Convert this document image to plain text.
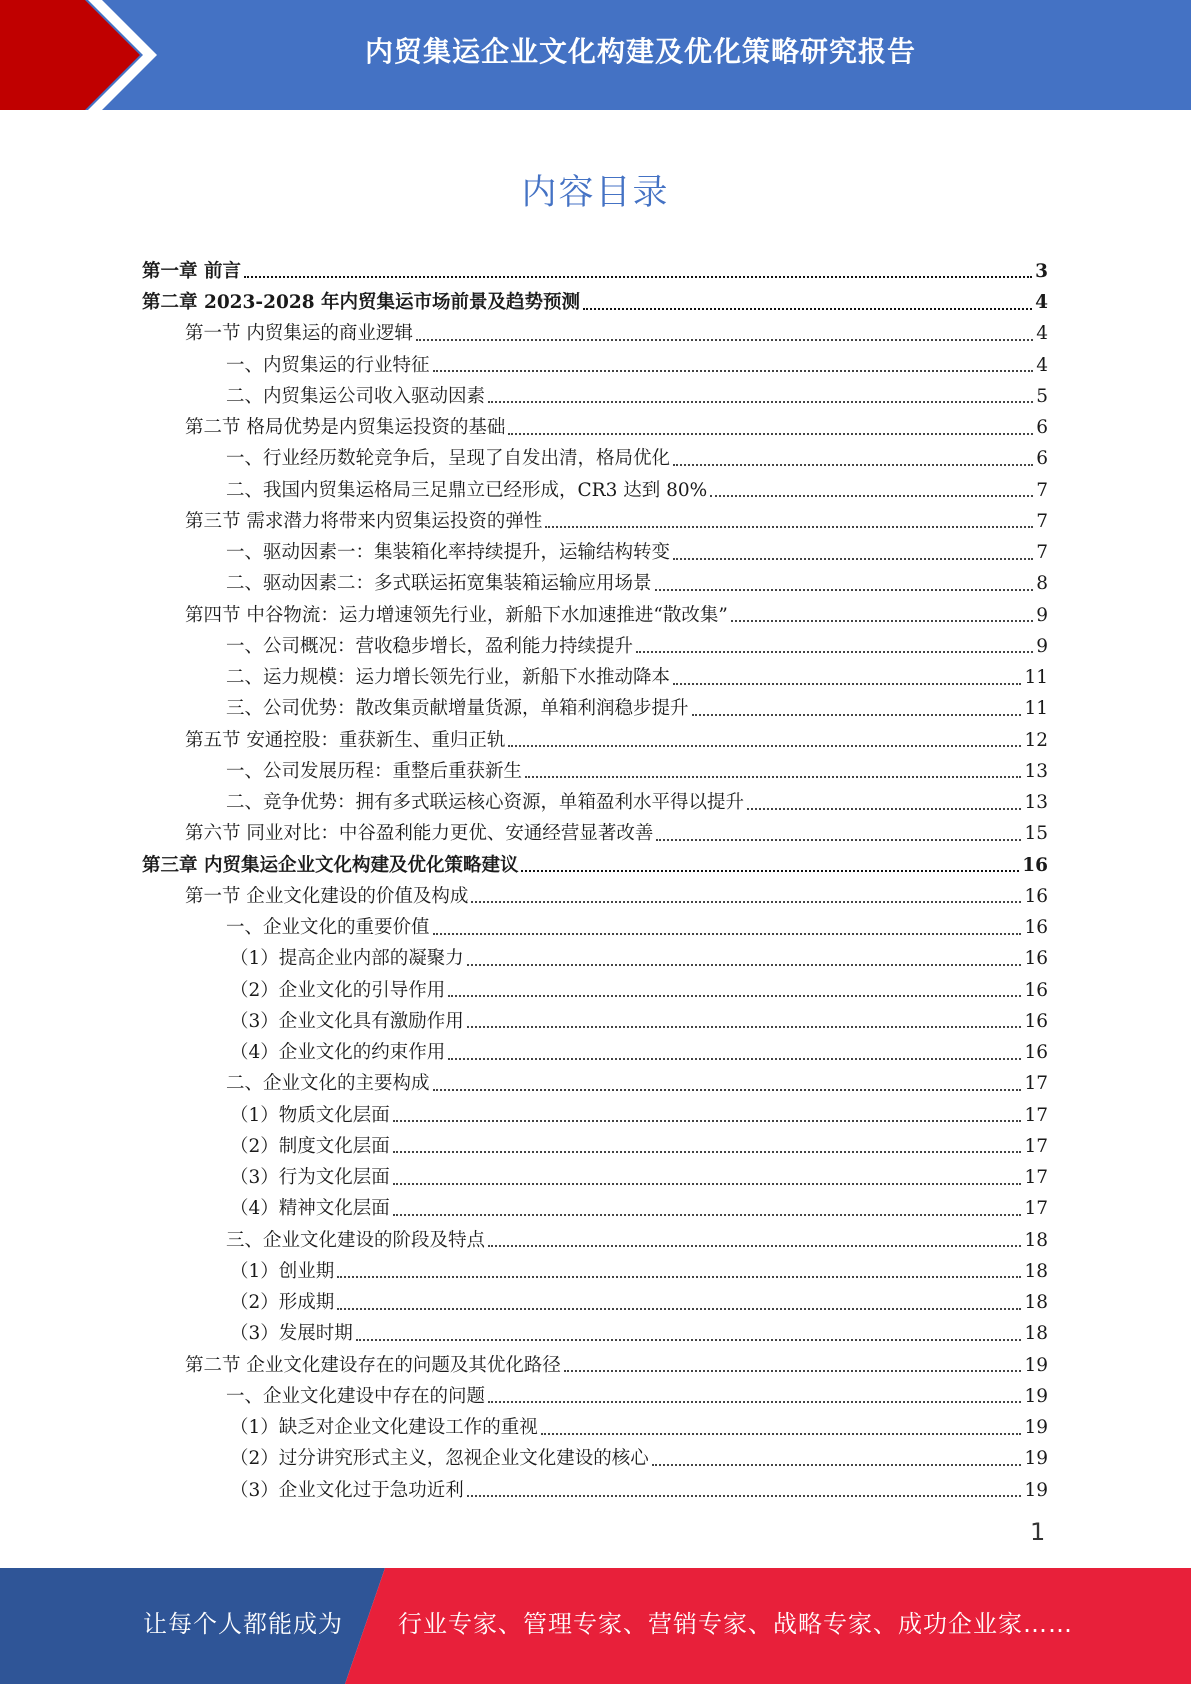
内贸集运企业文化构建及优化策略研究报告
内容目录
第一章 前言	3
第二章 2023-2028 年内贸集运市场前景及趋势预测	4
第一节 内贸集运的商业逻辑	4
一、内贸集运的行业特征	4
二、内贸集运公司收入驱动因素	5
第二节 格局优势是内贸集运投资的基础	6
一、行业经历数轮竞争后，呈现了自发出清，格局优化	6
二、我国内贸集运格局三足鼎立已经形成，CR3 达到 80%	7
第三节 需求潜力将带来内贸集运投资的弹性	7
一、驱动因素一：集装箱化率持续提升，运输结构转变	7
二、驱动因素二：多式联运拓宽集装箱运输应用场景	8
第四节 中谷物流：运力增速领先行业，新船下水加速推进“散改集”	9
一、公司概况：营收稳步增长，盈利能力持续提升	9
二、运力规模：运力增长领先行业，新船下水推动降本	11
三、公司优势：散改集贡献增量货源，单箱利润稳步提升	11
第五节 安通控股：重获新生、重归正轨	12
一、公司发展历程：重整后重获新生	13
二、竞争优势：拥有多式联运核心资源，单箱盈利水平得以提升	13
第六节 同业对比：中谷盈利能力更优、安通经营显著改善	15
第三章 内贸集运企业文化构建及优化策略建议	16
第一节 企业文化建设的价值及构成	16
一、企业文化的重要价值	16
（1）提高企业内部的凝聚力	16
（2）企业文化的引导作用	16
（3）企业文化具有激励作用	16
（4）企业文化的约束作用	16
二、企业文化的主要构成	17
（1）物质文化层面	17
（2）制度文化层面	17
（3）行为文化层面	17
（4）精神文化层面	17
三、企业文化建设的阶段及特点	18
（1）创业期	18
（2）形成期	18
（3）发展时期	18
第二节 企业文化建设存在的问题及其优化路径	19
一、企业文化建设中存在的问题	19
（1）缺乏对企业文化建设工作的重视	19
（2）过分讲究形式主义，忽视企业文化建设的核心	19
（3）企业文化过于急功近利	19
1
让每个人都能成为 行业专家、管理专家、营销专家、战略专家、成功企业家……
